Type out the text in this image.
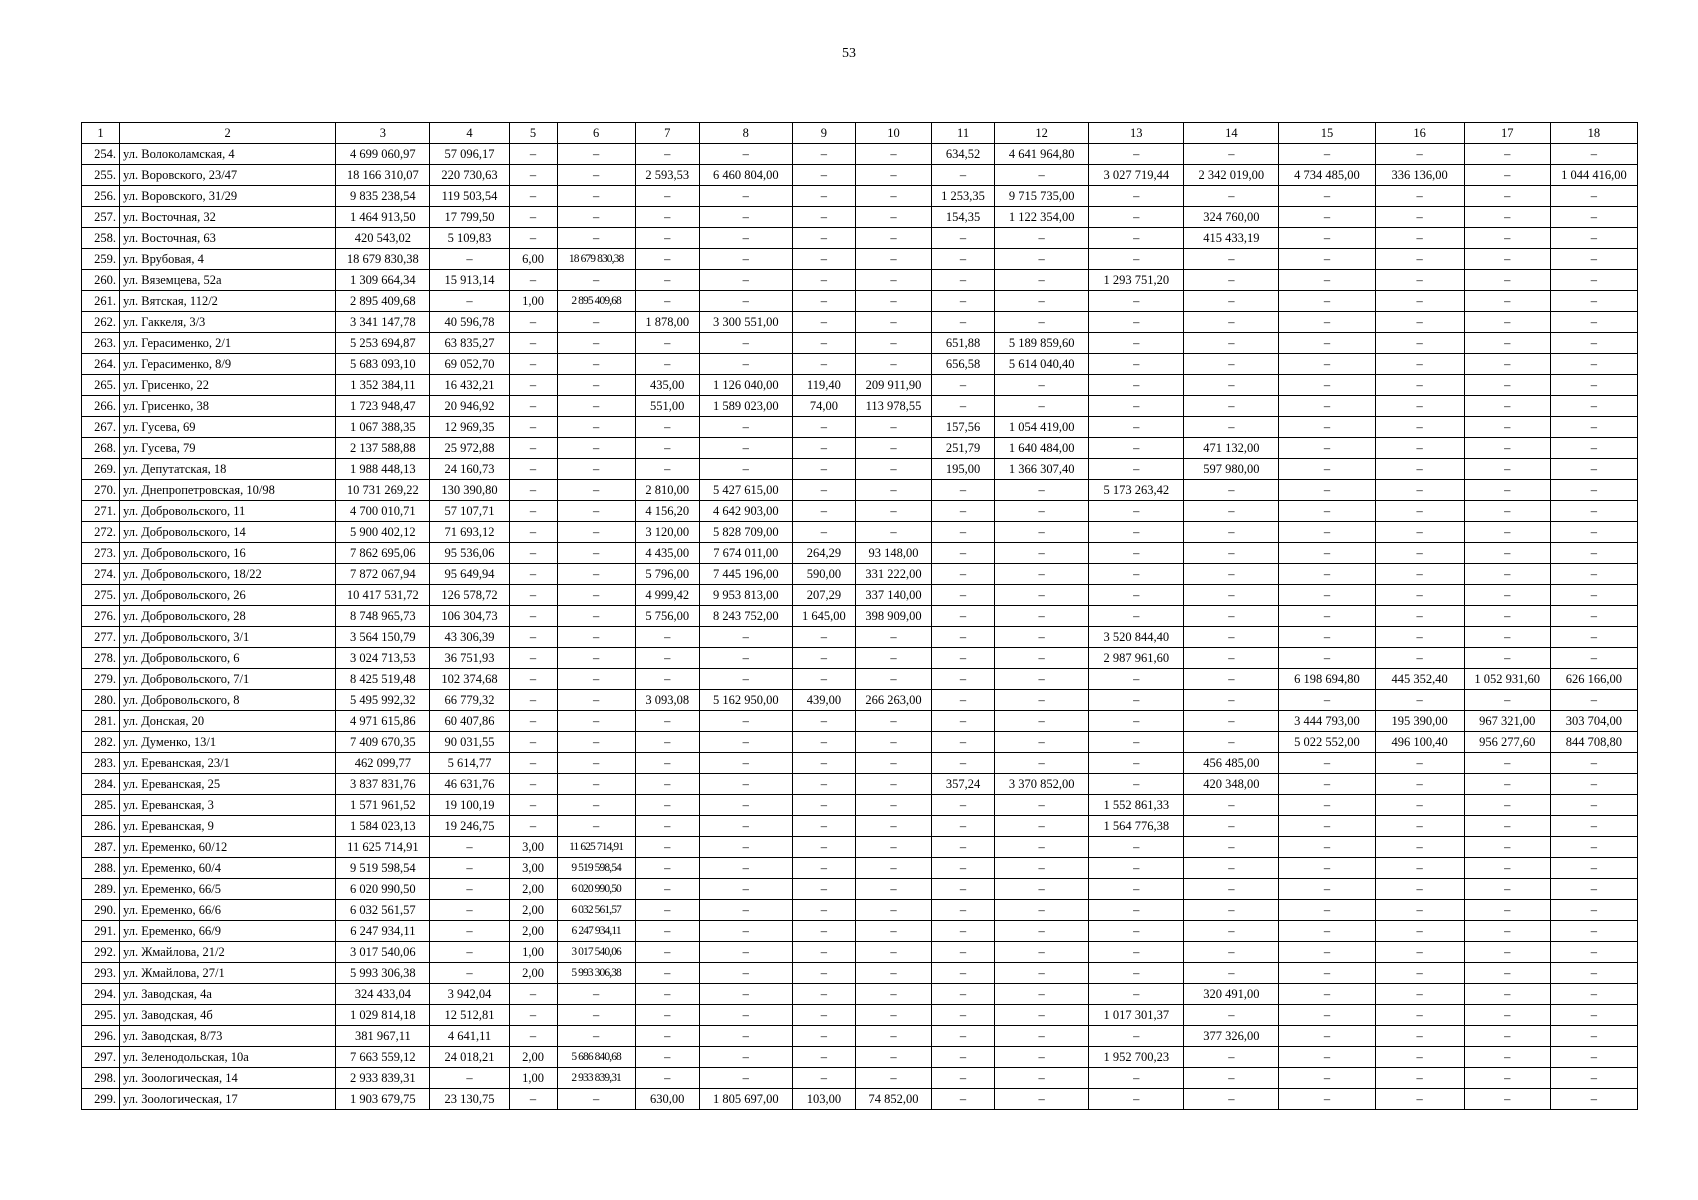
53
1	2	3	4	5	6	7	8	9	10	11	12	13	14	15	16	17	18
254.	ул. Волоколамская, 4	4 699 060,97	57 096,17	–	–	–	–	–	–	634,52	4 641 964,80	–	–	–	–	–	–
255.	ул. Воровского, 23/47	18 166 310,07	220 730,63	–	–	2 593,53	6 460 804,00	–	–	–	–	3 027 719,44	2 342 019,00	4 734 485,00	336 136,00	–	1 044 416,00
256.	ул. Воровского, 31/29	9 835 238,54	119 503,54	–	–	–	–	–	–	1 253,35	9 715 735,00	–	–	–	–	–	–
257.	ул. Восточная, 32	1 464 913,50	17 799,50	–	–	–	–	–	–	154,35	1 122 354,00	–	324 760,00	–	–	–	–
258.	ул. Восточная, 63	420 543,02	5 109,83	–	–	–	–	–	–	–	–	–	415 433,19	–	–	–	–
259.	ул. Врубовая, 4	18 679 830,38	–	6,00	18 679 830,38	–	–	–	–	–	–	–	–	–	–	–	–
260.	ул. Вяземцева, 52а	1 309 664,34	15 913,14	–	–	–	–	–	–	–	–	1 293 751,20	–	–	–	–	–
261.	ул. Вятская, 112/2	2 895 409,68	–	1,00	2 895 409,68	–	–	–	–	–	–	–	–	–	–	–	–
262.	ул. Гаккеля, 3/3	3 341 147,78	40 596,78	–	–	1 878,00	3 300 551,00	–	–	–	–	–	–	–	–	–	–
263.	ул. Герасименко, 2/1	5 253 694,87	63 835,27	–	–	–	–	–	–	651,88	5 189 859,60	–	–	–	–	–	–
264.	ул. Герасименко, 8/9	5 683 093,10	69 052,70	–	–	–	–	–	–	656,58	5 614 040,40	–	–	–	–	–	–
265.	ул. Грисенко, 22	1 352 384,11	16 432,21	–	–	435,00	1 126 040,00	119,40	209 911,90	–	–	–	–	–	–	–	–
266.	ул. Грисенко, 38	1 723 948,47	20 946,92	–	–	551,00	1 589 023,00	74,00	113 978,55	–	–	–	–	–	–	–	–
267.	ул. Гусева, 69	1 067 388,35	12 969,35	–	–	–	–	–	–	157,56	1 054 419,00	–	–	–	–	–	–
268.	ул. Гусева, 79	2 137 588,88	25 972,88	–	–	–	–	–	–	251,79	1 640 484,00	–	471 132,00	–	–	–	–
269.	ул. Депутатская, 18	1 988 448,13	24 160,73	–	–	–	–	–	–	195,00	1 366 307,40	–	597 980,00	–	–	–	–
270.	ул. Днепропетровская, 10/98	10 731 269,22	130 390,80	–	–	2 810,00	5 427 615,00	–	–	–	–	5 173 263,42	–	–	–	–	–
271.	ул. Добровольского, 11	4 700 010,71	57 107,71	–	–	4 156,20	4 642 903,00	–	–	–	–	–	–	–	–	–	–
272.	ул. Добровольского, 14	5 900 402,12	71 693,12	–	–	3 120,00	5 828 709,00	–	–	–	–	–	–	–	–	–	–
273.	ул. Добровольского, 16	7 862 695,06	95 536,06	–	–	4 435,00	7 674 011,00	264,29	93 148,00	–	–	–	–	–	–	–	–
274.	ул. Добровольского, 18/22	7 872 067,94	95 649,94	–	–	5 796,00	7 445 196,00	590,00	331 222,00	–	–	–	–	–	–	–	–
275.	ул. Добровольского, 26	10 417 531,72	126 578,72	–	–	4 999,42	9 953 813,00	207,29	337 140,00	–	–	–	–	–	–	–	–
276.	ул. Добровольского, 28	8 748 965,73	106 304,73	–	–	5 756,00	8 243 752,00	1 645,00	398 909,00	–	–	–	–	–	–	–	–
277.	ул. Добровольского, 3/1	3 564 150,79	43 306,39	–	–	–	–	–	–	–	–	3 520 844,40	–	–	–	–	–
278.	ул. Добровольского, 6	3 024 713,53	36 751,93	–	–	–	–	–	–	–	–	2 987 961,60	–	–	–	–	–
279.	ул. Добровольского, 7/1	8 425 519,48	102 374,68	–	–	–	–	–	–	–	–	–	–	6 198 694,80	445 352,40	1 052 931,60	626 166,00
280.	ул. Добровольского, 8	5 495 992,32	66 779,32	–	–	3 093,08	5 162 950,00	439,00	266 263,00	–	–	–	–	–	–	–	–
281.	ул. Донская, 20	4 971 615,86	60 407,86	–	–	–	–	–	–	–	–	–	–	3 444 793,00	195 390,00	967 321,00	303 704,00
282.	ул. Думенко, 13/1	7 409 670,35	90 031,55	–	–	–	–	–	–	–	–	–	–	5 022 552,00	496 100,40	956 277,60	844 708,80
283.	ул. Ереванская, 23/1	462 099,77	5 614,77	–	–	–	–	–	–	–	–	–	456 485,00	–	–	–	–
284.	ул. Ереванская, 25	3 837 831,76	46 631,76	–	–	–	–	–	–	357,24	3 370 852,00	–	420 348,00	–	–	–	–
285.	ул. Ереванская, 3	1 571 961,52	19 100,19	–	–	–	–	–	–	–	–	1 552 861,33	–	–	–	–	–
286.	ул. Ереванская, 9	1 584 023,13	19 246,75	–	–	–	–	–	–	–	–	1 564 776,38	–	–	–	–	–
287.	ул. Еременко, 60/12	11 625 714,91	–	3,00	11 625 714,91	–	–	–	–	–	–	–	–	–	–	–	–
288.	ул. Еременко, 60/4	9 519 598,54	–	3,00	9 519 598,54	–	–	–	–	–	–	–	–	–	–	–	–
289.	ул. Еременко, 66/5	6 020 990,50	–	2,00	6 020 990,50	–	–	–	–	–	–	–	–	–	–	–	–
290.	ул. Еременко, 66/6	6 032 561,57	–	2,00	6 032 561,57	–	–	–	–	–	–	–	–	–	–	–	–
291.	ул. Еременко, 66/9	6 247 934,11	–	2,00	6 247 934,11	–	–	–	–	–	–	–	–	–	–	–	–
292.	ул. Жмайлова, 21/2	3 017 540,06	–	1,00	3 017 540,06	–	–	–	–	–	–	–	–	–	–	–	–
293.	ул. Жмайлова, 27/1	5 993 306,38	–	2,00	5 993 306,38	–	–	–	–	–	–	–	–	–	–	–	–
294.	ул. Заводская, 4а	324 433,04	3 942,04	–	–	–	–	–	–	–	–	–	320 491,00	–	–	–	–
295.	ул. Заводская, 4б	1 029 814,18	12 512,81	–	–	–	–	–	–	–	–	1 017 301,37	–	–	–	–	–
296.	ул. Заводская, 8/73	381 967,11	4 641,11	–	–	–	–	–	–	–	–	–	377 326,00	–	–	–	–
297.	ул. Зеленодольская, 10а	7 663 559,12	24 018,21	2,00	5 686 840,68	–	–	–	–	–	–	1 952 700,23	–	–	–	–	–
298.	ул. Зоологическая, 14	2 933 839,31	–	1,00	2 933 839,31	–	–	–	–	–	–	–	–	–	–	–	–
299.	ул. Зоологическая, 17	1 903 679,75	23 130,75	–	–	630,00	1 805 697,00	103,00	74 852,00	–	–	–	–	–	–	–	–
